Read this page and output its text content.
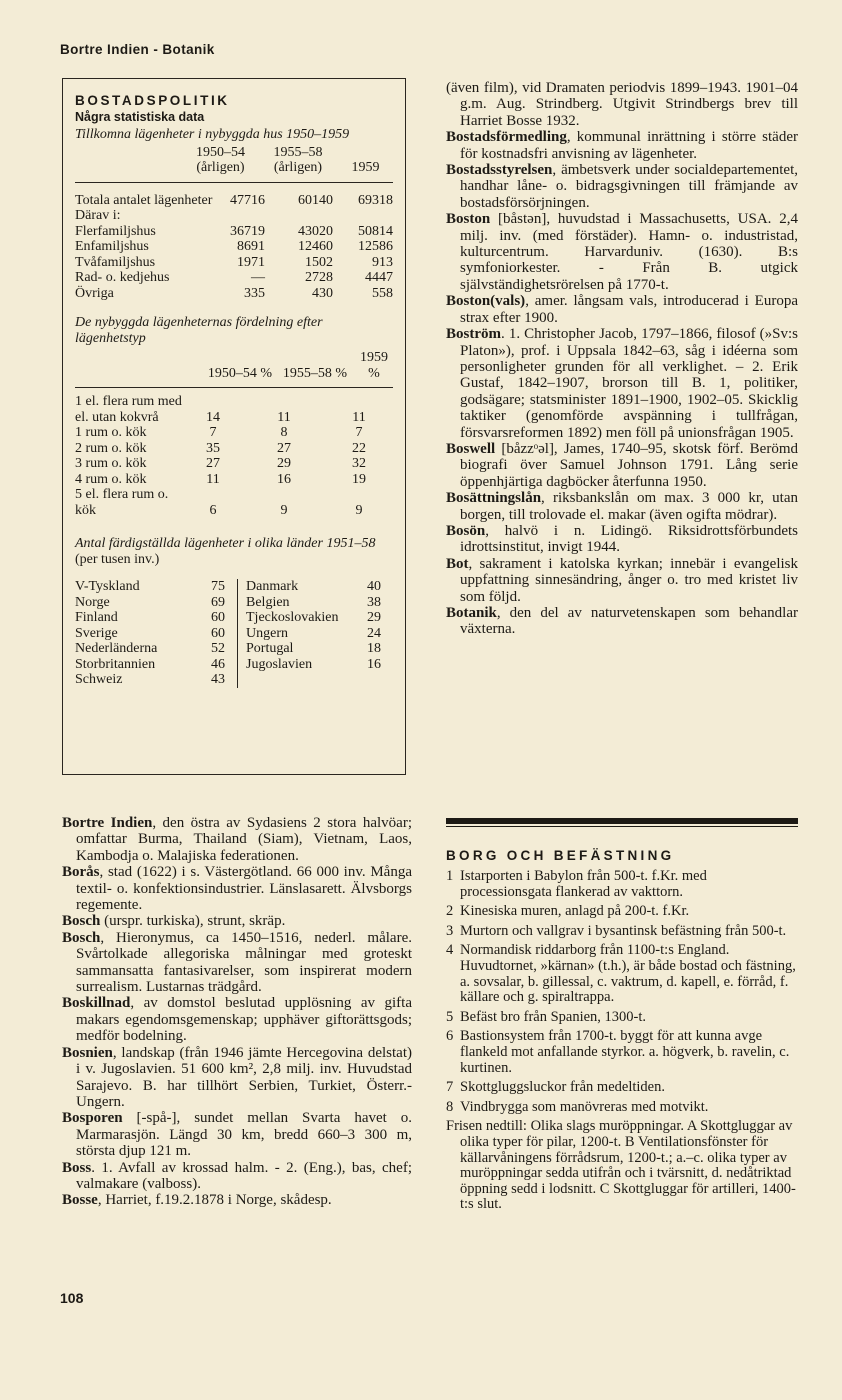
Bortre Indien - Botanik
BOSTADSPOLITIK
Några statistiska data
Tillkomna lägenheter i nybyggda hus 1950–1959
	1950–54 (årligen)	1955–58 (årligen)	1959
Totala antalet lägenheter	47716	60140	69318
Därav i:			
Flerfamiljshus	36719	43020	50814
Enfamiljshus	8691	12460	12586
Tvåfamiljshus	1971	1502	913
Rad- o. kedjehus	—	2728	4447
Övriga	335	430	558
De nybyggda lägenheternas fördelning efter lägenhetstyp
	1950–54 %	1955–58 %	1959 %
1 el. flera rum med el. utan kokvrå	14	11	11
1 rum o. kök	7	8	7
2 rum o. kök	35	27	22
3 rum o. kök	27	29	32
4 rum o. kök	11	16	19
5 el. flera rum o. kök	6	9	9
Antal färdigställda lägenheter i olika länder 1951–58 (per tusen inv.)
V-Tyskland	75
Norge	69
Finland	60
Sverige	60
Nederländerna	52
Storbritannien	46
Schweiz	43
Danmark	40
Belgien	38
Tjeckoslovakien	29
Ungern	24
Portugal	18
Jugoslavien	16

Bortre Indien, den östra av Sydasiens 2 stora halvöar; omfattar Burma, Thailand (Siam), Vietnam, Laos, Kambodja o. Malajiska federationen.

Borås, stad (1622) i s. Västergötland. 66 000 inv. Många textil- o. konfektionsindustrier. Länslasarett. Älvsborgs regemente.

Bosch (urspr. turkiska), strunt, skräp.

Bosch, Hieronymus, ca 1450–1516, nederl. målare. Svårtolkade allegoriska målningar med groteskt sammansatta fantasivarelser, som inspirerat modern surrealism. Lustarnas trädgård.

Boskillnad, av domstol beslutad upplösning av gifta makars egendomsgemenskap; upphäver giftorättsgods; medför bodelning.

Bosnien, landskap (från 1946 jämte Hercegovina delstat) i v. Jugoslavien. 51 600 km², 2,8 milj. inv. Huvudstad Sarajevo. B. har tillhört Serbien, Turkiet, Österr.-Ungern.

Bosporen [-spå-], sundet mellan Svarta havet o. Marmarasjön. Längd 30 km, bredd 660–3 300 m, största djup 121 m.

Boss. 1. Avfall av krossad halm. - 2. (Eng.), bas, chef; valmakare (valboss).

Bosse, Harriet, f.19.2.1878 i Norge, skådesp.

(även film), vid Dramaten periodvis 1899–1943. 1901–04 g.m. Aug. Strindberg. Utgivit Strindbergs brev till Harriet Bosse 1932.

Bostadsförmedling, kommunal inrättning i större städer för kostnadsfri anvisning av lägenheter.

Bostadsstyrelsen, ämbetsverk under socialdepartementet, handhar låne- o. bidragsgivningen till främjande av bostadsförsörjningen.

Boston [båstən], huvudstad i Massachusetts, USA. 2,4 milj. inv. (med förstäder). Hamn- o. industristad, kulturcentrum. Harvarduniv. (1630). B:s symfoniorkester. - Från B. utgick självständighetsrörelsen på 1770-t.

Boston(vals), amer. långsam vals, introducerad i Europa strax efter 1900.

Boström. 1. Christopher Jacob, 1797–1866, filosof (»Sv:s Platon»), prof. i Uppsala 1842–63, såg i idéerna som personligheter grunden för all verklighet. – 2. Erik Gustaf, 1842–1907, brorson till B. 1, politiker, godsägare; statsminister 1891–1900, 1902–05. Skicklig taktiker (genomförde avspänning i tullfrågan, försvarsreformen 1892) men föll på unionsfrågan 1905.

Boswell [båzzᵒəl], James, 1740–95, skotsk förf. Berömd biografi över Samuel Johnson 1791. Lång serie öppenhjärtiga dagböcker återfunna 1950.

Bosättningslån, riksbankslån om max. 3 000 kr, utan borgen, till trolovade el. makar (även ogifta mödrar).

Bosön, halvö i n. Lidingö. Riksidrottsförbundets idrottsinstitut, invigt 1944.

Bot, sakrament i katolska kyrkan; innebär i evangelisk uppfattning sinnesändring, ånger o. tro med kristet liv som följd.

Botanik, den del av naturvetenskapen som behandlar växterna.

BORG OCH BEFÄSTNING
1 Istarporten i Babylon från 500-t. f.Kr. med processionsgata flankerad av vakttorn.
2 Kinesiska muren, anlagd på 200-t. f.Kr.
3 Murtorn och vallgrav i bysantinsk befästning från 500-t.
4 Normandisk riddarborg från 1100-t:s England. Huvudtornet, »kärnan» (t.h.), är både bostad och fästning, a. sovsalar, b. gillessal, c. vaktrum, d. kapell, e. förråd, f. källare och g. spiraltrappa.
5 Befäst bro från Spanien, 1300-t.
6 Bastionsystem från 1700-t. byggt för att kunna avge flankeld mot anfallande styrkor. a. högverk, b. ravelin, c. kurtinen.
7 Skottgluggsluckor från medeltiden.
8 Vindbrygga som manövreras med motvikt.
Frisen nedtill: Olika slags muröppningar. A Skottgluggar av olika typer för pilar, 1200-t. B Ventilationsfönster för källarvåningens förrådsrum, 1200-t.; a.–c. olika typer av muröppningar sedda utifrån och i tvärsnitt, d. nedåtriktad öppning sedd i lodsnitt. C Skottgluggar för artilleri, 1400-t:s slut.
108
